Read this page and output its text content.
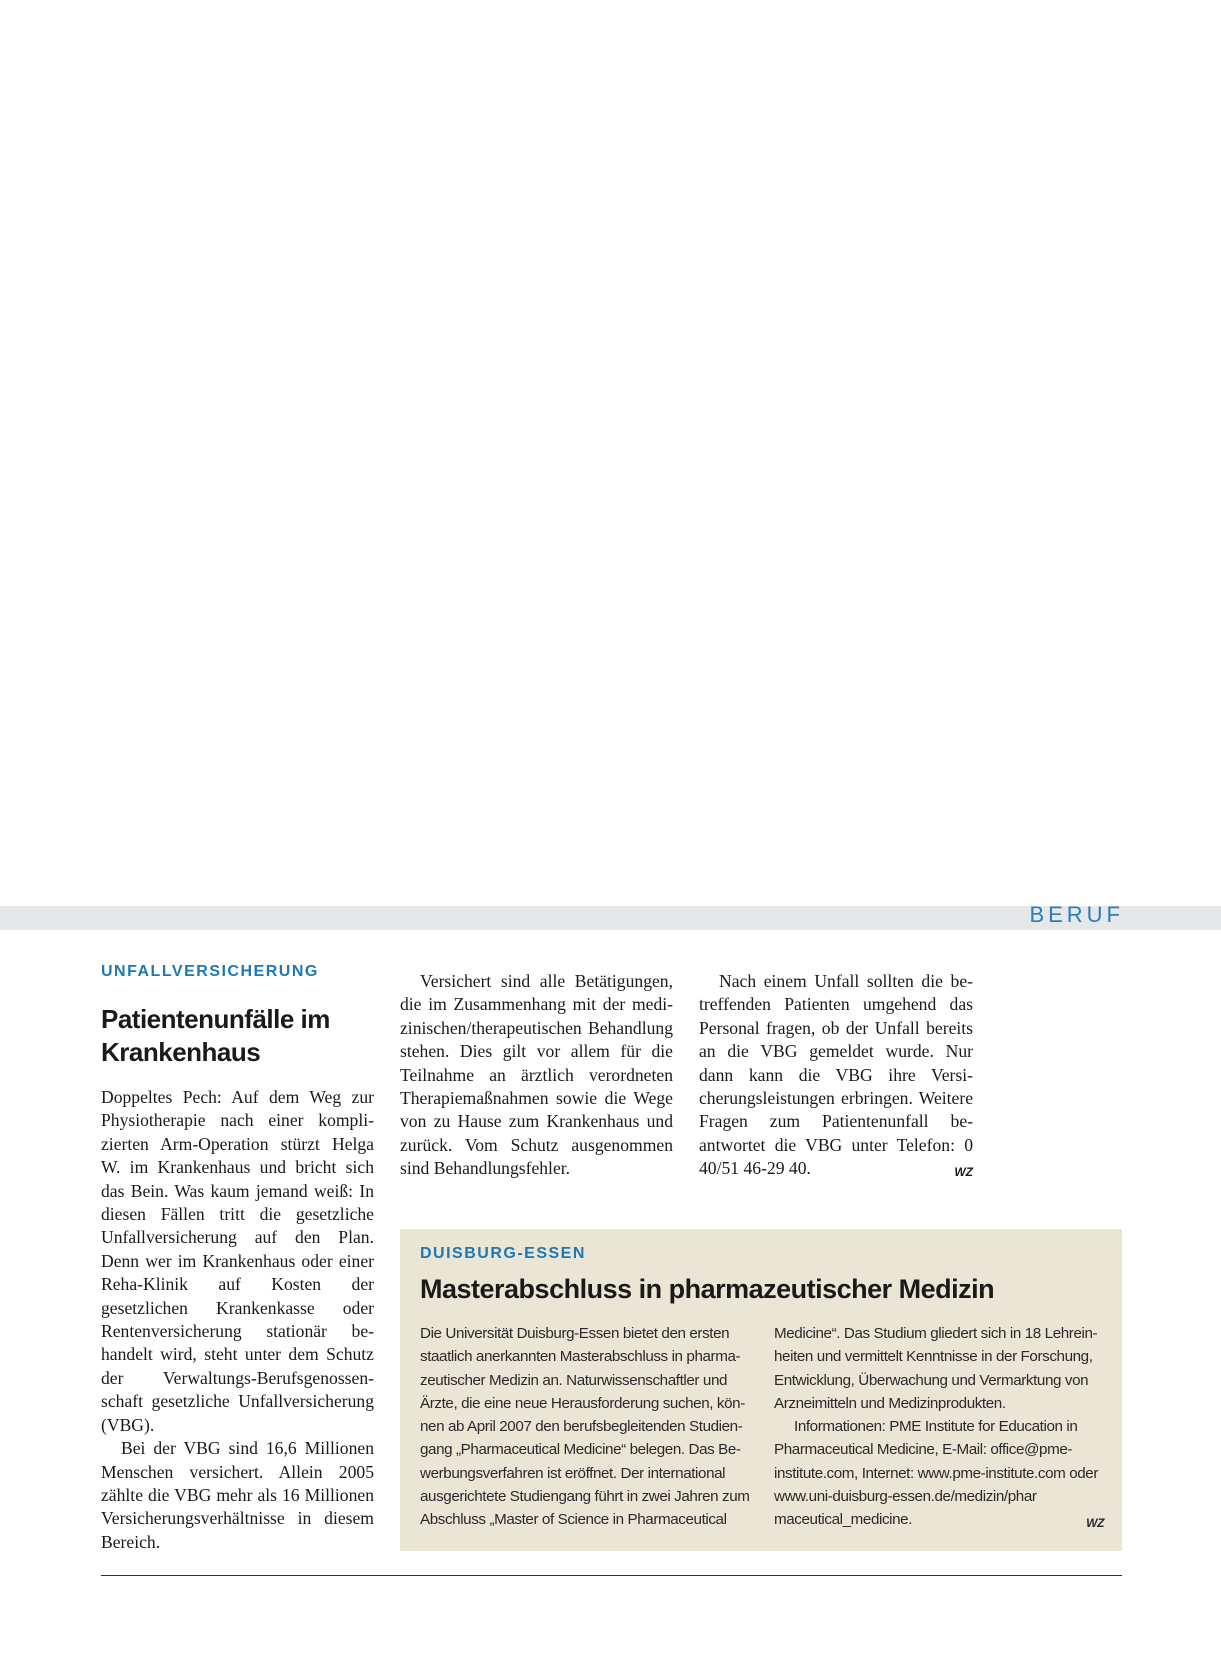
BERUF
UNFALLVERSICHERUNG
Patientenunfälle im
Krankenhaus

Doppeltes Pech: Auf dem Weg zur Physiotherapie nach einer komplizierten Arm-Operation stürzt Helga W. im Krankenhaus und bricht sich das Bein. Was kaum jemand weiß: In diesen Fällen tritt die gesetzliche Unfallversicherung auf den Plan. Denn wer im Krankenhaus oder einer Reha-Klinik auf Kosten der gesetzlichen Krankenkasse oder Rentenversicherung stationär behandelt wird, steht unter dem Schutz der Verwaltungs-Berufsgenossenschaft gesetzliche Unfallversicherung (VBG).

Bei der VBG sind 16,6 Millionen Menschen versichert. Allein 2005 zählte die VBG mehr als 16 Millionen Versicherungsverhältnisse in diesem Bereich.

Versichert sind alle Betätigungen, die im Zusammenhang mit der medizinischen/therapeutischen Behandlung stehen. Dies gilt vor allem für die Teilnahme an ärztlich verordneten Therapiemaßnahmen sowie die Wege von zu Hause zum Krankenhaus und zurück. Vom Schutz ausgenommen sind Behandlungsfehler.

Nach einem Unfall sollten die betreffenden Patienten umgehend das Personal fragen, ob der Unfall bereits an die VBG gemeldet wurde. Nur dann kann die VBG ihre Versicherungsleistungen erbringen. Weitere Fragen zum Patientenunfall beantwortet die VBG unter Telefon: 0 40/51 46-29 40.	WZ

DUISBURG-ESSEN
Masterabschluss in pharmazeutischer Medizin

Die Universität Duisburg-Essen bietet den ersten staatlich anerkannten Masterabschluss in pharmazeutischer Medizin an. Naturwissenschaftler und Ärzte, die eine neue Herausforderung suchen, können ab April 2007 den berufsbegleitenden Studiengang „Pharmaceutical Medicine“ belegen. Das Bewerbungsverfahren ist eröffnet. Der international ausgerichtete Studiengang führt in zwei Jahren zum Abschluss „Master of Science in Pharmaceutical

Medicine“. Das Studium gliedert sich in 18 Lehreinheiten und vermittelt Kenntnisse in der Forschung, Entwicklung, Überwachung und Vermarktung von Arzneimitteln und Medizinprodukten.

Informationen: PME Institute for Education in Pharmaceutical Medicine, E-Mail: office@pme-institute.com, Internet: www.pme-institute.com oder www.uni-duisburg-essen.de/medizin/phar maceutical_medicine.	WZ
